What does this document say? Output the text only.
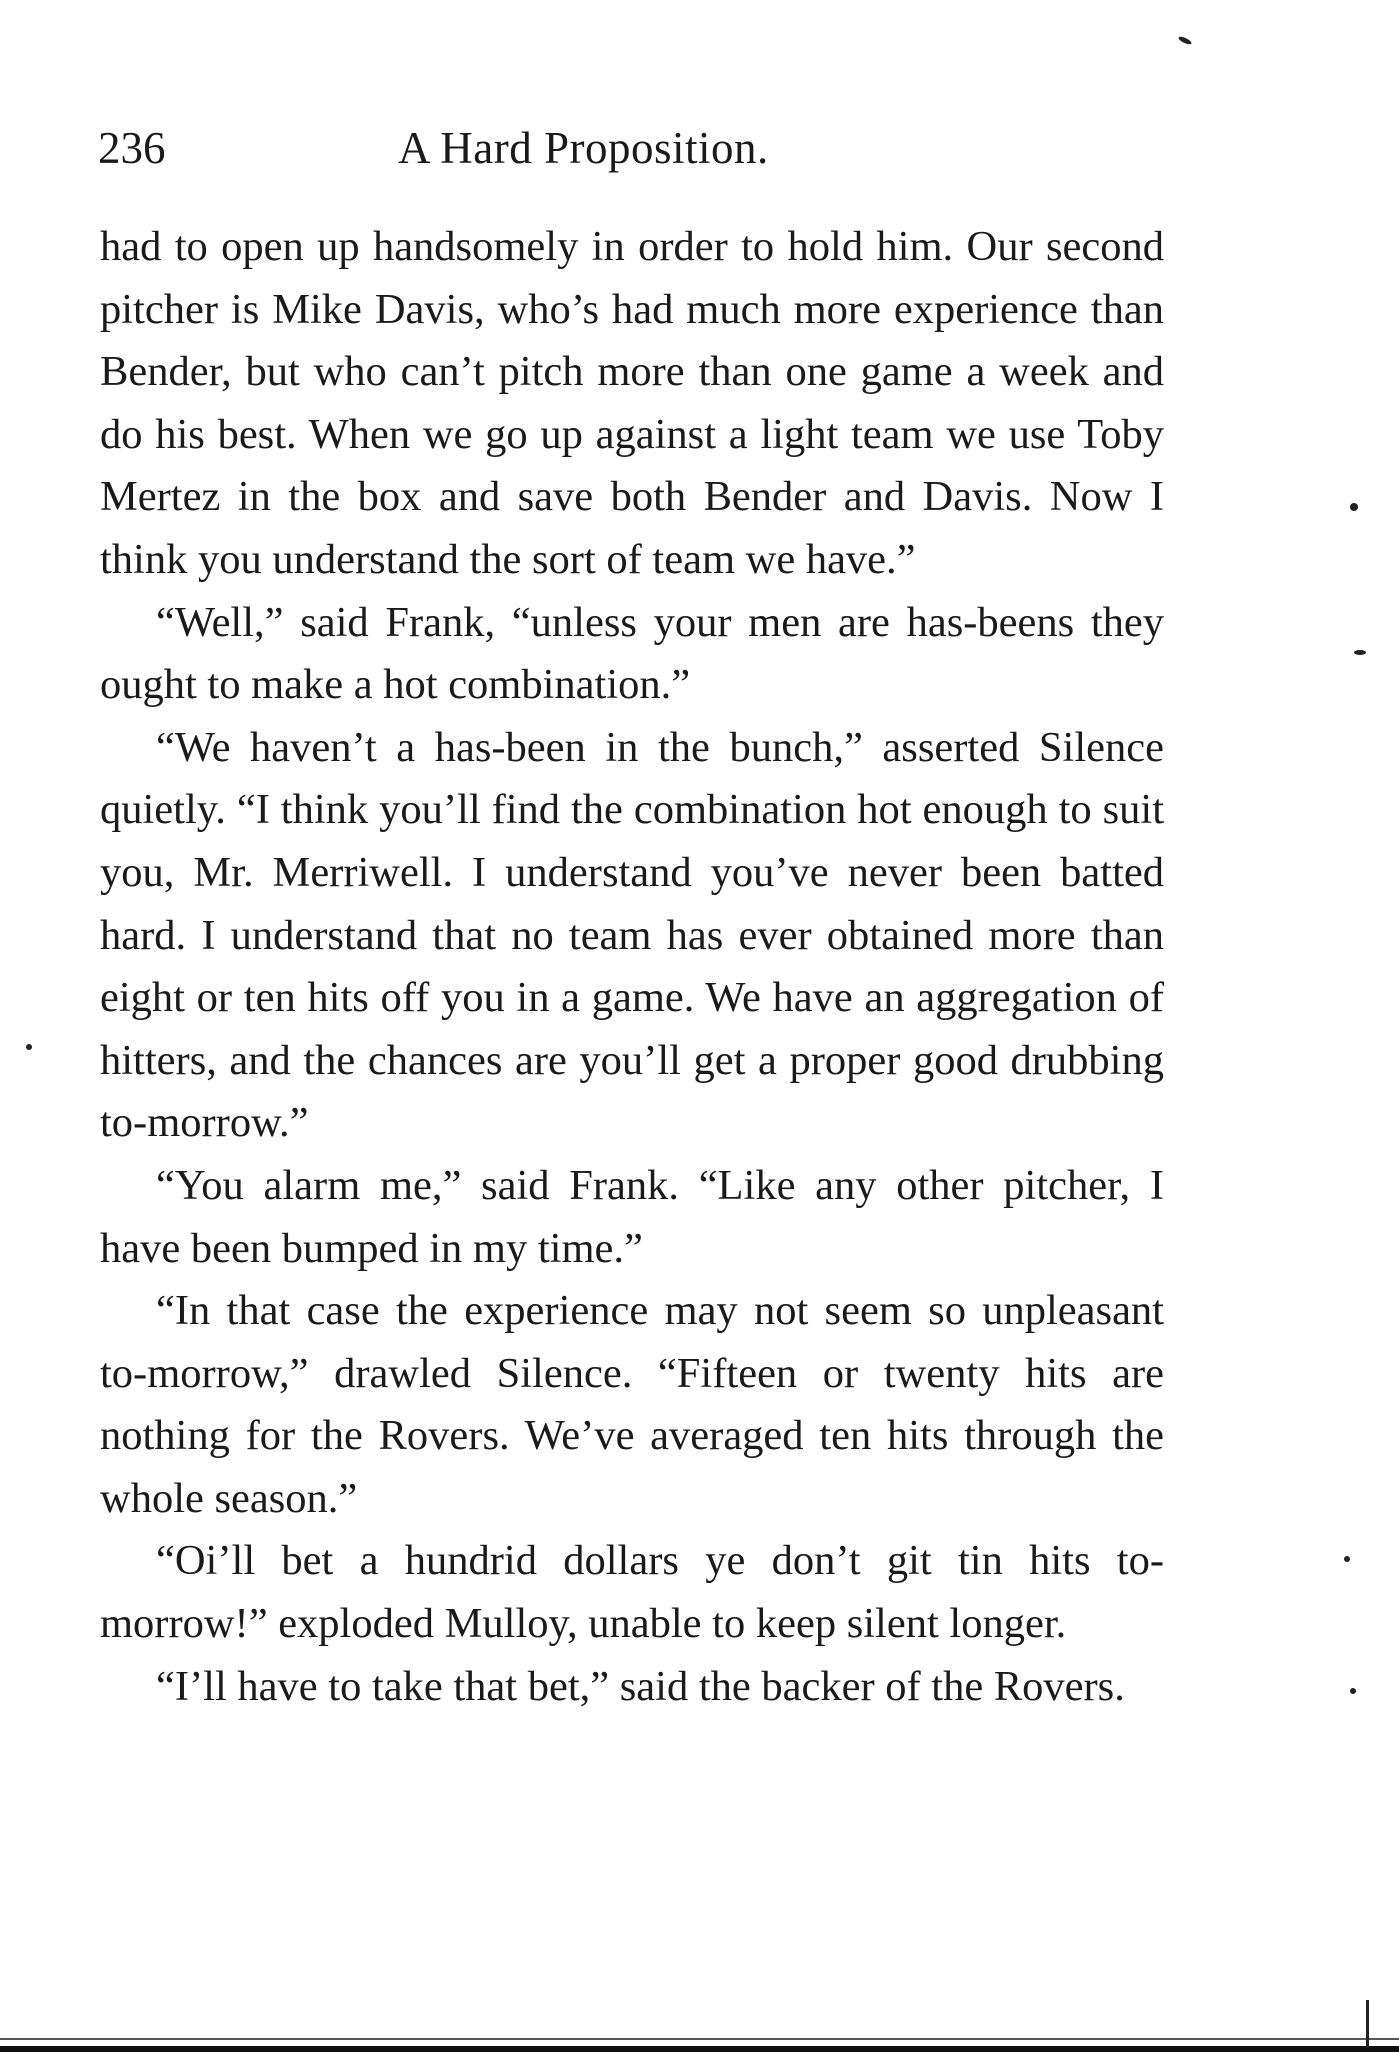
236	A Hard Proposition.

had to open up handsomely in order to hold him. Our second pitcher is Mike Davis, who’s had much more experience than Bender, but who can’t pitch more than one game a week and do his best. When we go up against a light team we use Toby Mertez in the box and save both Bender and Davis. Now I think you understand the sort of team we have.”

“Well,” said Frank, “unless your men are has-beens they ought to make a hot combination.”

“We haven’t a has-been in the bunch,” asserted Silence quietly. “I think you’ll find the combination hot enough to suit you, Mr. Merriwell. I understand you’ve never been batted hard. I understand that no team has ever obtained more than eight or ten hits off you in a game. We have an aggregation of hitters, and the chances are you’ll get a proper good drubbing to-morrow.”

“You alarm me,” said Frank. “Like any other pitcher, I have been bumped in my time.”

“In that case the experience may not seem so unpleasant to-morrow,” drawled Silence. “Fifteen or twenty hits are nothing for the Rovers. We’ve averaged ten hits through the whole season.”

“Oi’ll bet a hundrid dollars ye don’t git tin hits to-morrow!” exploded Mulloy, unable to keep silent longer.

“I’ll have to take that bet,” said the backer of the Rovers.
